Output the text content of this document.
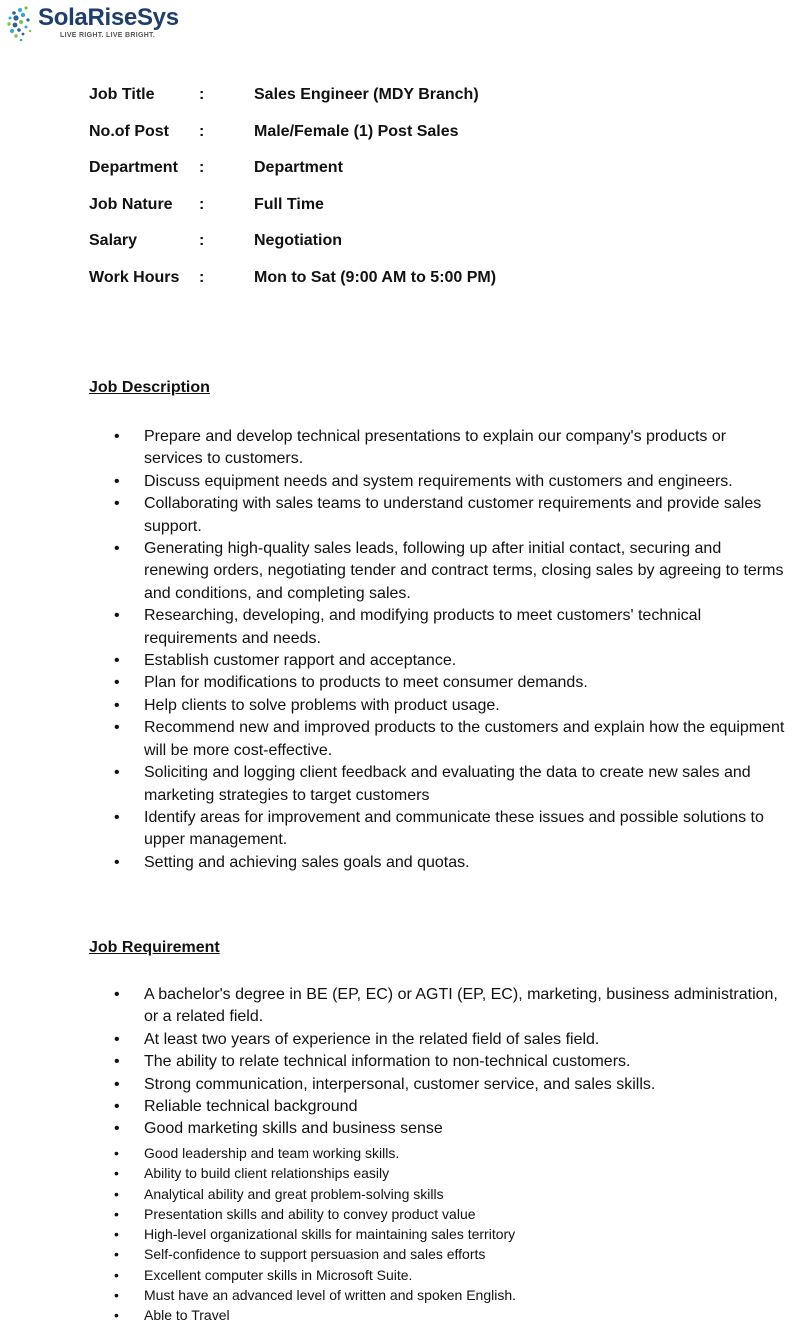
SolaRiseSys
LIVE RIGHT. LIVE BRIGHT.
Job Title	:	Sales Engineer (MDY Branch)
No.of Post :	Male/Female (1) Post Sales
Department :	Department
Job Nature :	Full Time
Salary	:	Negotiation
Work Hours :	Mon to Sat (9:00 AM to 5:00 PM)
Job Description
• Prepare and develop technical presentations to explain our company's products or services to customers.
• Discuss equipment needs and system requirements with customers and engineers.
• Collaborating with sales teams to understand customer requirements and provide sales support.
• Generating high-quality sales leads, following up after initial contact, securing and renewing orders, negotiating tender and contract terms, closing sales by agreeing to terms and conditions, and completing sales.
• Researching, developing, and modifying products to meet customers' technical requirements and needs.
• Establish customer rapport and acceptance.
• Plan for modifications to products to meet consumer demands.
• Help clients to solve problems with product usage.
• Recommend new and improved products to the customers and explain how the equipment will be more cost-effective.
• Soliciting and logging client feedback and evaluating the data to create new sales and marketing strategies to target customers
• Identify areas for improvement and communicate these issues and possible solutions to upper management.
• Setting and achieving sales goals and quotas.
Job Requirement
• A bachelor's degree in BE (EP, EC) or AGTI (EP, EC), marketing, business administration, or a related field.
• At least two years of experience in the related field of sales field.
• The ability to relate technical information to non-technical customers.
• Strong communication, interpersonal, customer service, and sales skills.
• Reliable technical background
• Good marketing skills and business sense
• Good leadership and team working skills.
• Ability to build client relationships easily
• Analytical ability and great problem-solving skills
• Presentation skills and ability to convey product value
• High-level organizational skills for maintaining sales territory
• Self-confidence to support persuasion and sales efforts
• Excellent computer skills in Microsoft Suite.
• Must have an advanced level of written and spoken English.
• Able to Travel
